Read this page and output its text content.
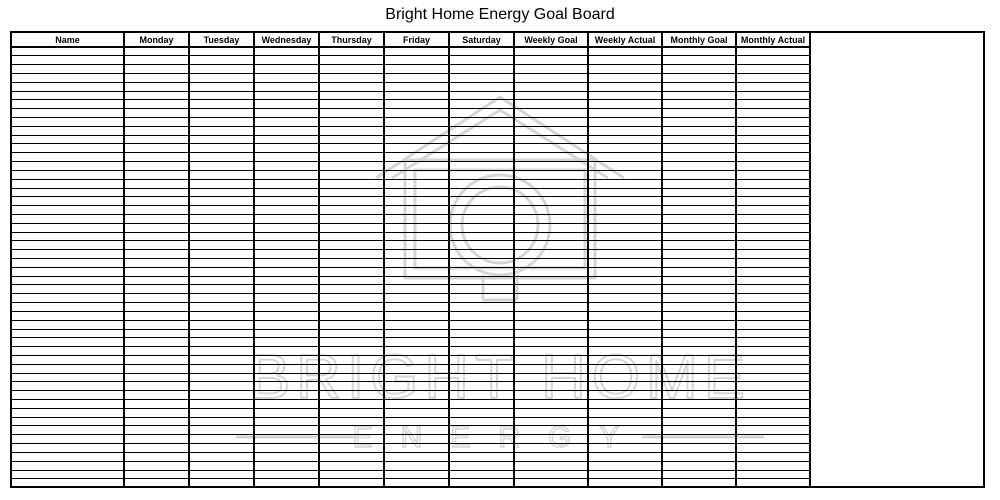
Bright Home Energy Goal Board
Name	Monday	Tuesday	Wednesday	Thursday	Friday	Saturday	Weekly Goal	Weekly Actual	Monthly Goal	Monthly Actual
